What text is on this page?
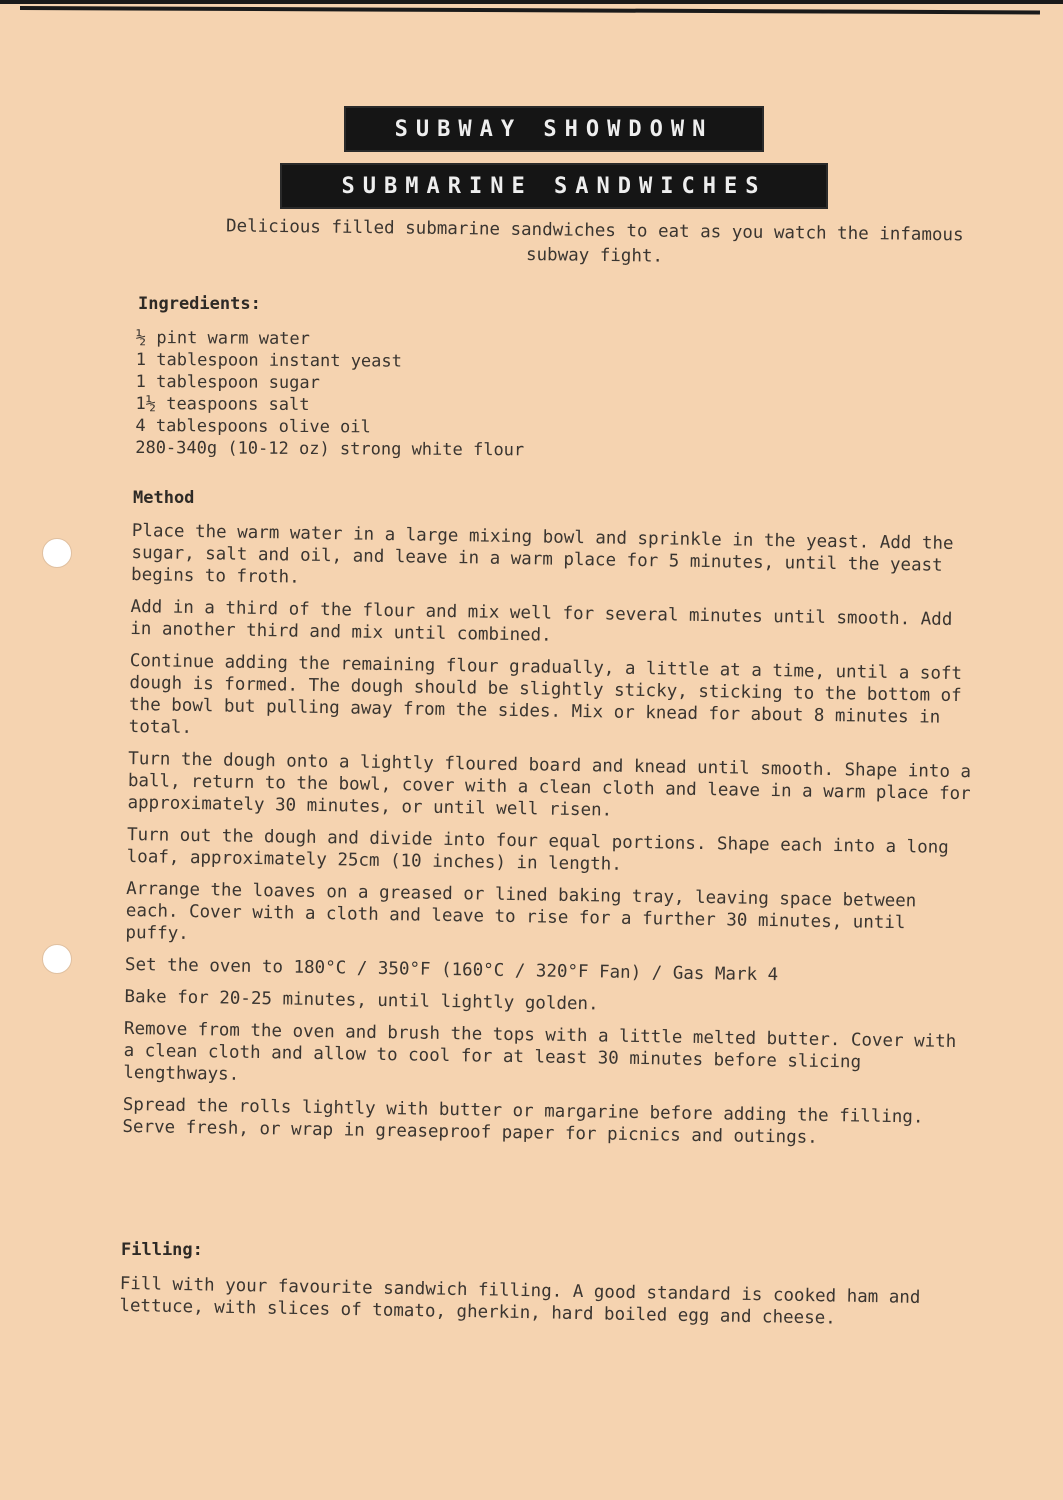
SUBWAY SHOWDOWN
SUBMARINE SANDWICHES
Delicious filled submarine sandwiches to eat as you watch the infamous subway fight.
Ingredients:
½ pint warm water
1 tablespoon instant yeast
1 tablespoon sugar
1½ teaspoons salt
4 tablespoons olive oil
280-340g (10-12 oz) strong white flour
Method

Place the warm water in a large mixing bowl and sprinkle in the yeast. Add the sugar, salt and oil, and leave in a warm place for 5 minutes, until the yeast begins to froth.

Add in a third of the flour and mix well for several minutes until smooth. Add in another third and mix until combined.

Continue adding the remaining flour gradually, a little at a time, until a soft dough is formed. The dough should be slightly sticky, sticking to the bottom of the bowl but pulling away from the sides. Mix or knead for about 8 minutes in total.

Turn the dough onto a lightly floured board and knead until smooth. Shape into a ball, return to the bowl, cover with a clean cloth and leave in a warm place for approximately 30 minutes, or until well risen.

Turn out the dough and divide into four equal portions. Shape each into a long loaf, approximately 25cm (10 inches) in length.

Arrange the loaves on a greased or lined baking tray, leaving space between each. Cover with a cloth and leave to rise for a further 30 minutes, until puffy.

Set the oven to 180°C / 350°F (160°C / 320°F Fan) / Gas Mark 4

Bake for 20-25 minutes, until lightly golden.

Remove from the oven and brush the tops with a little melted butter. Cover with a clean cloth and allow to cool for at least 30 minutes before slicing lengthways.

Spread the rolls lightly with butter or margarine before adding the filling. Serve fresh, or wrap in greaseproof paper for picnics and outings.

Filling:
Fill with your favourite sandwich filling. A good standard is cooked ham and lettuce, with slices of tomato, gherkin, hard boiled egg and cheese.
